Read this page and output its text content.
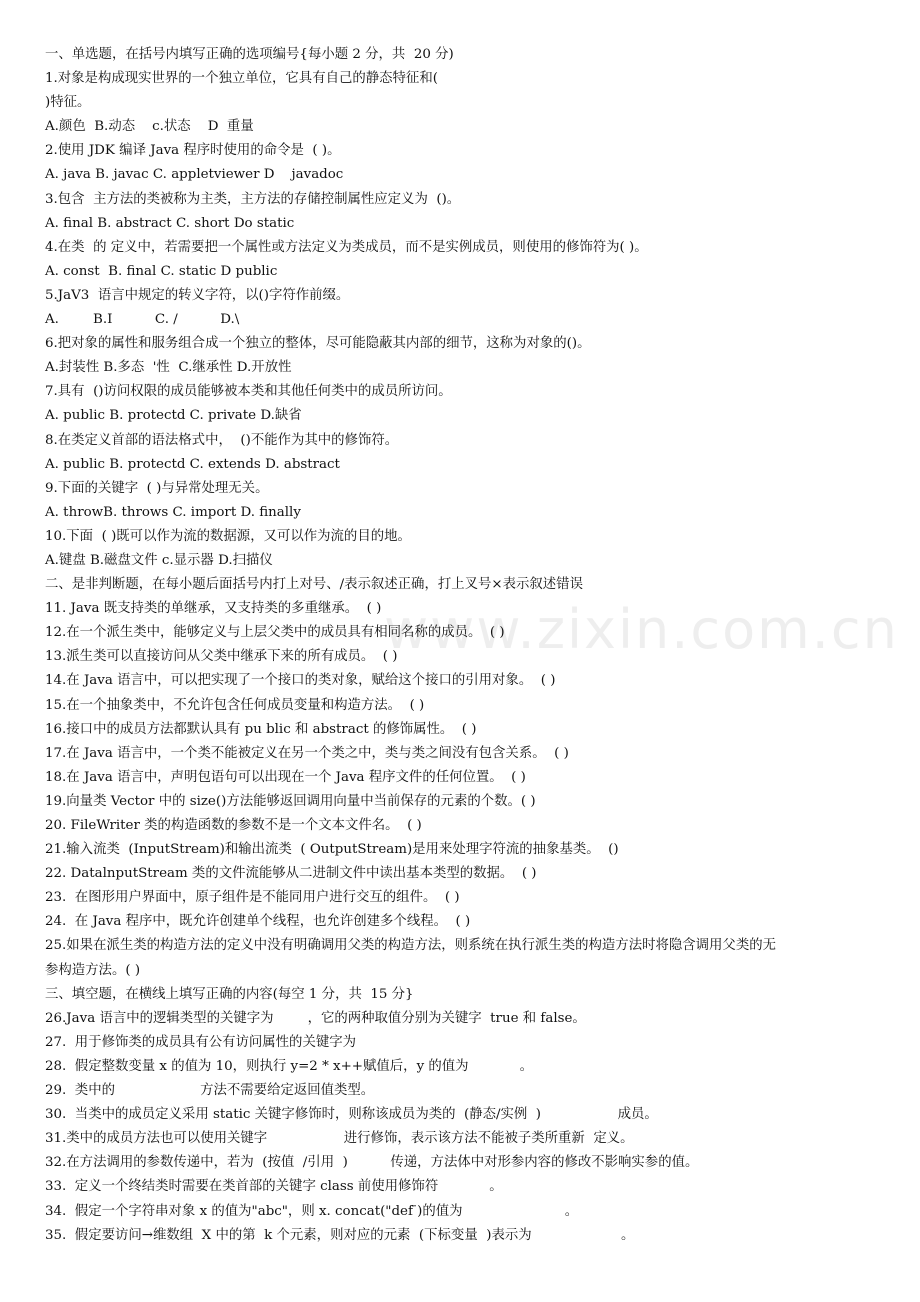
www.zixin.com.cn
一、单选题，在括号内填写正确的选项编号{每小题 2 分，共  20 分)
1.对象是构成现实世界的一个独立单位，它具有自己的静态特征和(
)特征。
A.颜色  B.动态    c.状态    D  重量
2.使用 JDK 编译 Java 程序时使用的命令是  ( )。
A. java B. javac C. appletviewer D    javadoc
3.包含  主方法的类被称为主类，主方法的存储控制属性应定义为  ()。
A. final B. abstract C. short Do static
4.在类  的 定义中，若需要把一个属性或方法定义为类成员，而不是实例成员，则使用的修饰符为( )。
A. const  B. final C. static D public
5.JaV3  语言中规定的转义字符，以()字符作前缀。
A.        B.I          C. /          D.\
6.把对象的属性和服务组合成一个独立的整体，尽可能隐蔽其内部的细节，这称为对象的()。
A.封装性 B.多态  '性  C.继承性 D.开放性
7.具有  ()访问权限的成员能够被本类和其他任何类中的成员所访问。
A. public B. protectd C. private D.缺省
8.在类定义首部的语法格式中，  ()不能作为其中的修饰符。
A. public B. protectd C. extends D. abstract
9.下面的关键字  ( )与异常处理无关。
A. throwB. throws C. import D. finally
10.下面  ( )既可以作为流的数据源，又可以作为流的目的地。
A.键盘 B.磁盘文件 c.显示器 D.扫描仪
二、是非判断题，在每小题后面括号内打上对号、/表示叙述正确，打上叉号×表示叙述错误
11. Java 既支持类的单继承，又支持类的多重继承。  ( )
12.在一个派生类中，能够定义与上层父类中的成员具有相同名称的成员。  ( )
13.派生类可以直接访问从父类中继承下来的所有成员。  ( )
14.在 Java 语言中，可以把实现了一个接口的类对象，赋给这个接口的引用对象。  ( )
15.在一个抽象类中，不允许包含任何成员变量和构造方法。  ( )
16.接口中的成员方法都默认具有 pu blic 和 abstract 的修饰属性。  ( )
17.在 Java 语言中，一个类不能被定义在另一个类之中，类与类之间没有包含关系。  ( )
18.在 Java 语言中，声明包语句可以出现在一个 Java 程序文件的任何位置。  ( )
19.向量类 Vector 中的 size()方法能够返回调用向量中当前保存的元素的个数。( )
20. FileWriter 类的构造函数的参数不是一个文本文件名。  ( )
21.输入流类  (InputStream)和输出流类  ( OutputStream)是用来处理字符流的抽象基类。  ()
22. DatalnputStream 类的文件流能够从二进制文件中读出基本类型的数据。  ( )
23.  在图形用户界面中，原子组件是不能同用户进行交互的组件。  ( )
24.  在 Java 程序中，既允许创建单个线程，也允许创建多个线程。  ( )
25.如果在派生类的构造方法的定义中没有明确调用父类的构造方法，则系统在执行派生类的构造方法时将隐含调用父类的无
参构造方法。( )
三、填空题，在横线上填写正确的内容(每空 1 分，共  15 分}
26.Java 语言中的逻辑类型的关键字为        ，它的两种取值分别为关键字  true 和 false。
27.  用于修饰类的成员具有公有访问属性的关键字为
28.  假定整数变量 x 的值为 10，则执行 y=2 * x++赋值后，y 的值为            。
29.  类中的                    方法不需要给定返回值类型。
30.  当类中的成员定义采用 static 关键字修饰时，则称该成员为类的  (静态/实例  )                  成员。
31.类中的成员方法也可以使用关键字                  进行修饰，表示该方法不能被子类所重新  定义。
32.在方法调用的参数传递中，若为  (按值  /引用  )          传递，方法体中对形参内容的修改不影响实参的值。
33.  定义一个终结类时需要在类首部的关键字 class 前使用修饰符            。
34.  假定一个字符串对象 x 的值为"abc"，则 x. concat("def ̈)的值为                        。
35.  假定要访问→维数组  X 中的第  k 个元素，则对应的元素  (下标变量  )表示为                     。
